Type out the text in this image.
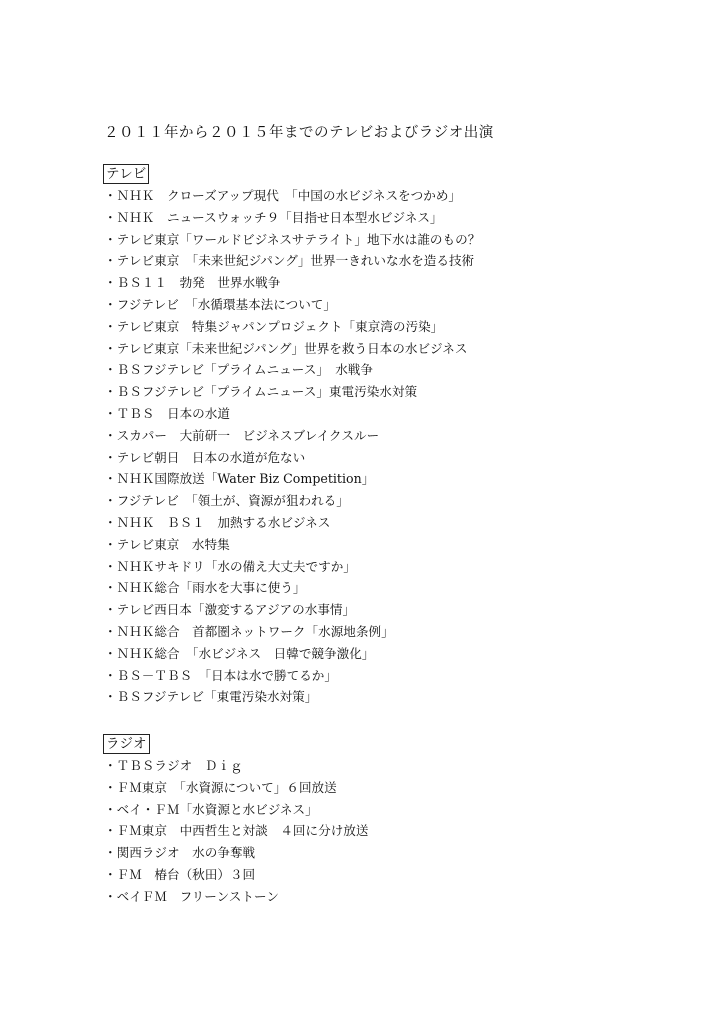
２０１１年から２０１５年までのテレビおよびラジオ出演
テレビ
・ＮＨＫ　クローズアップ現代　「中国の水ビジネスをつかめ」
・ＮＨＫ　ニュースウォッチ９「目指せ日本型水ビジネス」
・テレビ東京「ワールドビジネスサテライト」地下水は誰のもの？
・テレビ東京　「未来世紀ジパング」世界一きれいな水を造る技術
・ＢＳ１１　勃発　世界水戦争
・フジテレビ　「水循環基本法について」
・テレビ東京　特集ジャパンプロジェクト「東京湾の汚染」
・テレビ東京「未来世紀ジパング」世界を救う日本の水ビジネス
・ＢＳフジテレビ「プライムニュース」　水戦争
・ＢＳフジテレビ「プライムニュース」東電汚染水対策
・ＴＢＳ　日本の水道
・スカパー　大前研一　ビジネスブレイクスルー
・テレビ朝日　日本の水道が危ない
・ＮＨＫ国際放送「Water Biz Competition」
・フジテレビ　「領土が、資源が狙われる」
・ＮＨＫ　ＢＳ１　加熱する水ビジネス
・テレビ東京　水特集
・ＮＨＫサキドリ「水の備え大丈夫ですか」
・ＮＨＫ総合「雨水を大事に使う」
・テレビ西日本「激変するアジアの水事情」
・ＮＨＫ総合　首都圏ネットワーク「水源地条例」
・ＮＨＫ総合　「水ビジネス　日韓で競争激化」
・ＢＳ－ＴＢＳ　「日本は水で勝てるか」
・ＢＳフジテレビ「東電汚染水対策」
ラジオ
・ＴＢＳラジオ　Ｄｉｇ
・ＦＭ東京　「水資源について」６回放送
・ベイ・ＦＭ「水資源と水ビジネス」
・ＦＭ東京　中西哲生と対談　４回に分け放送
・関西ラジオ　水の争奪戦
・ＦＭ　椿台（秋田）３回
・ベイＦＭ　フリーンストーン
